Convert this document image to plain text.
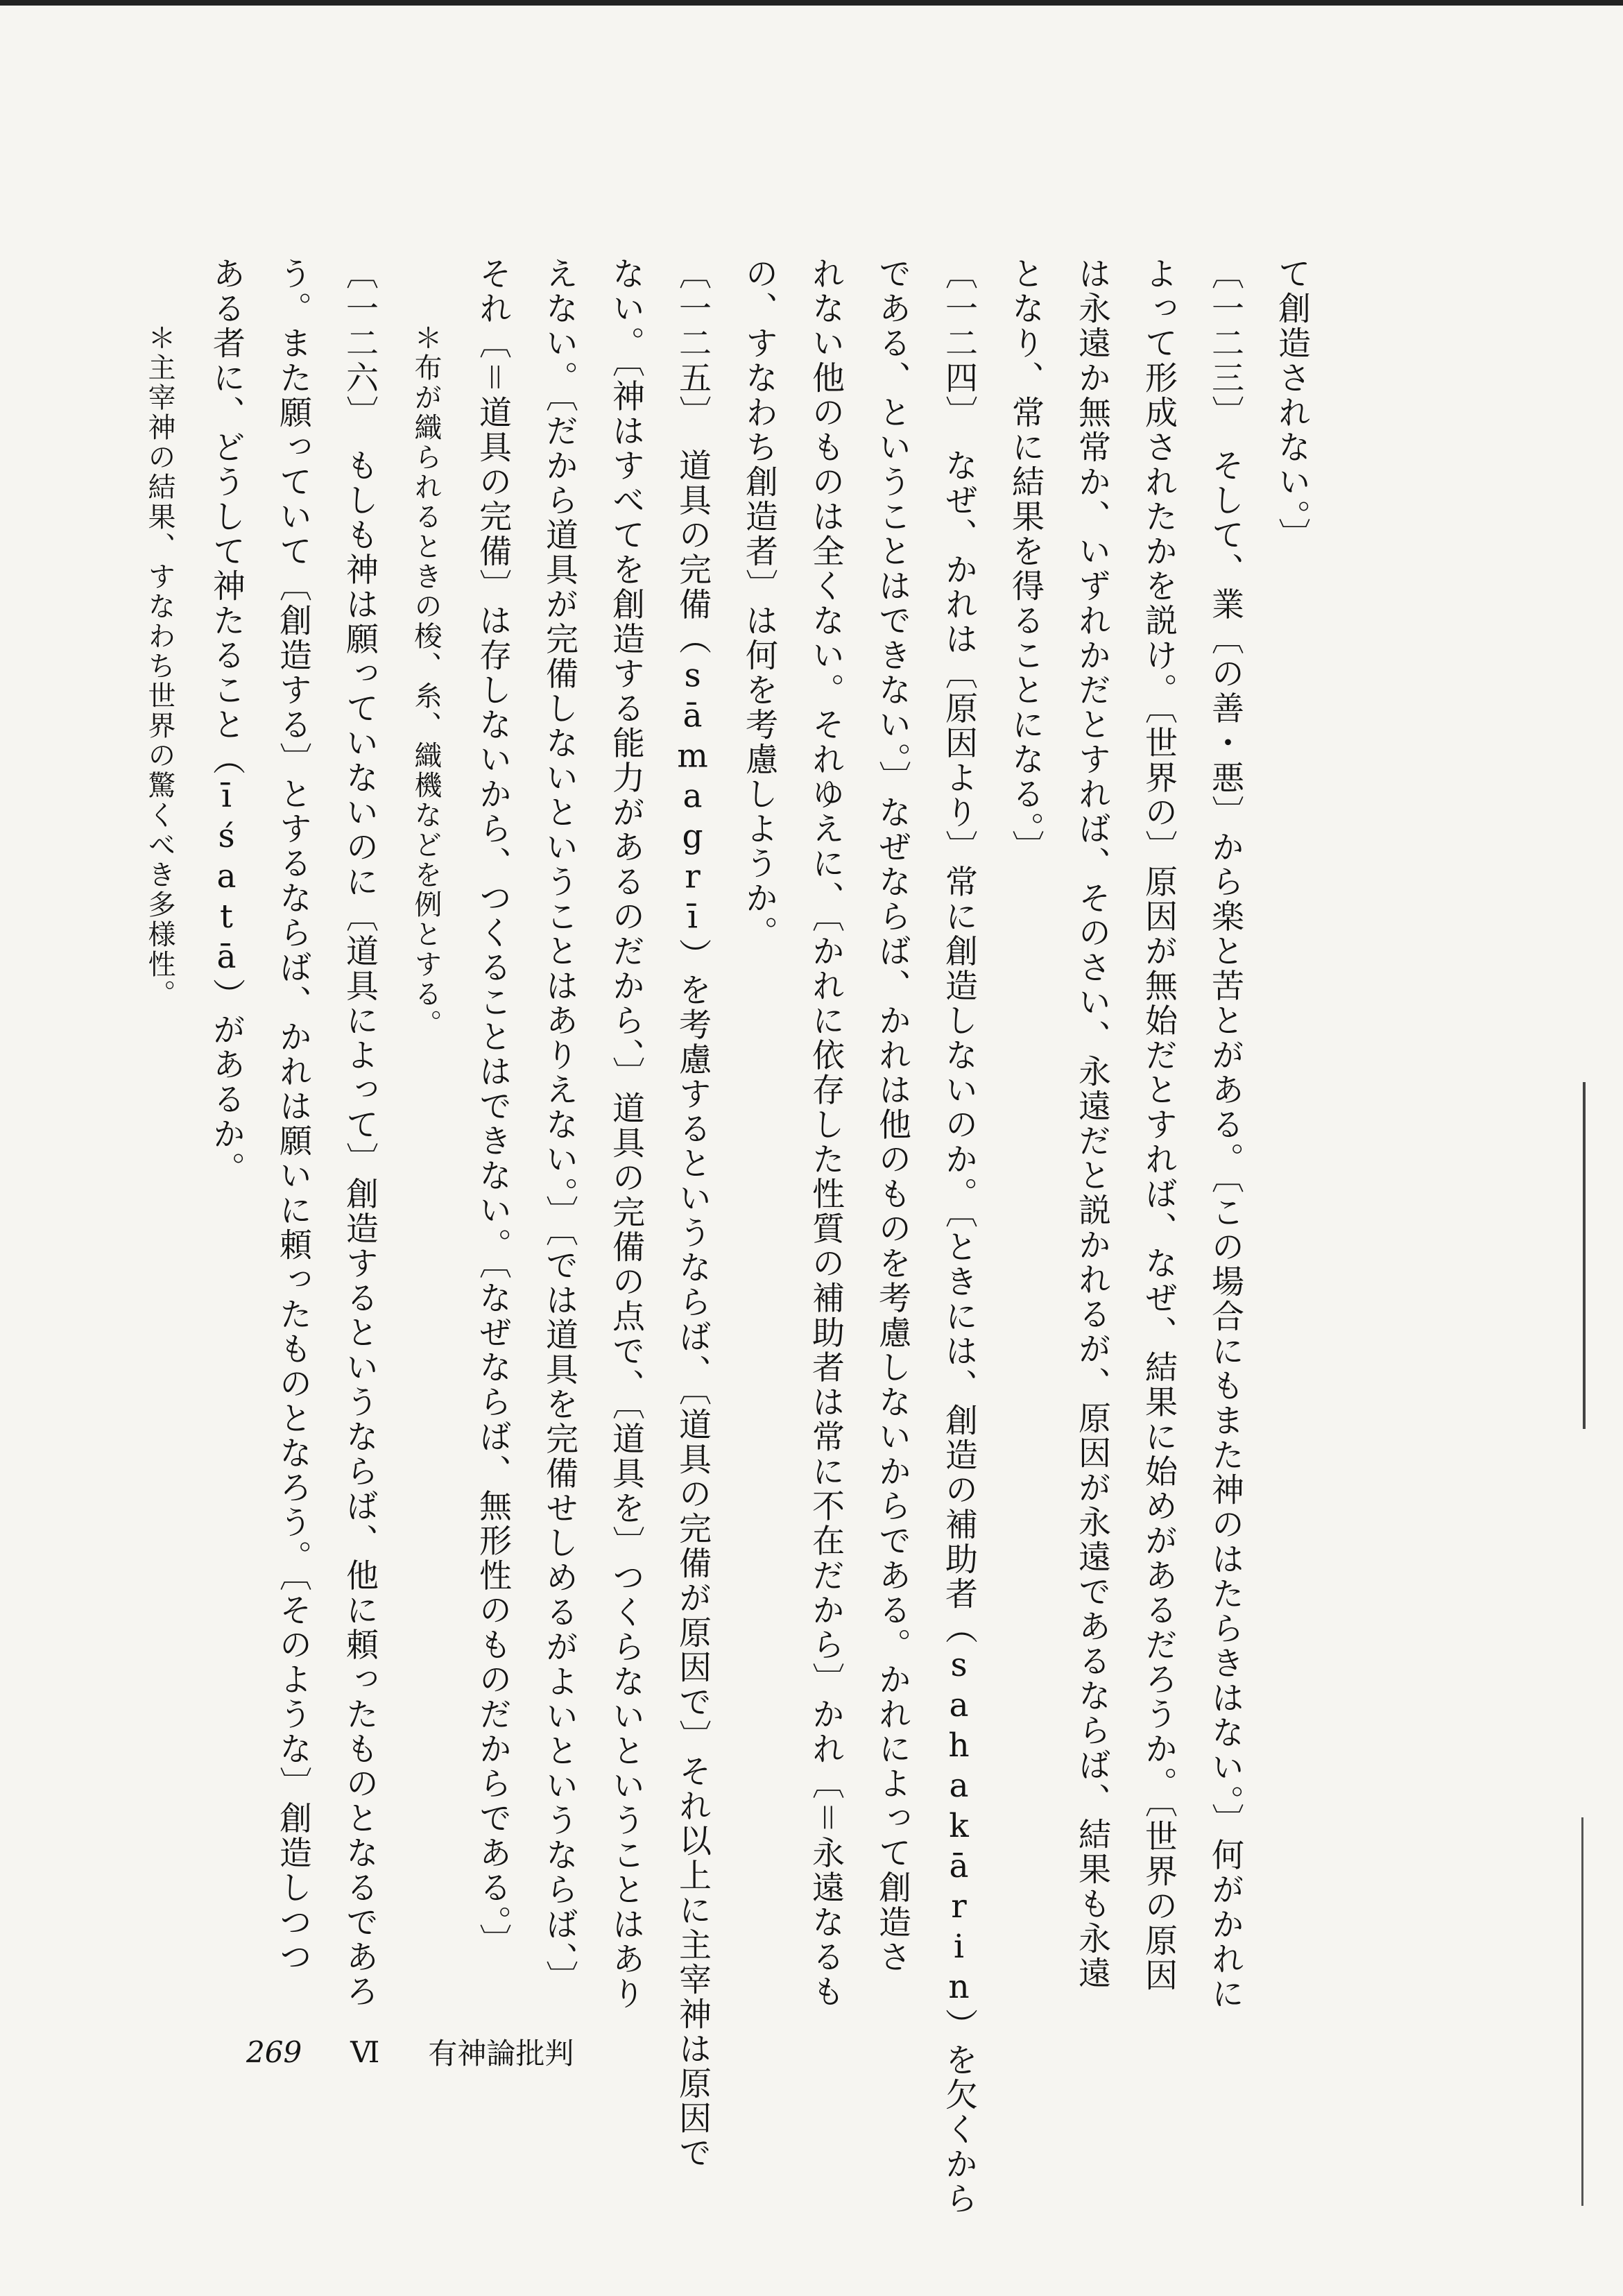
て創造されない。〕

〔一二三〕　そして、業〔の善・悪〕から楽と苦とがある。〔この場合にもまた神のはたらきはない。〕何がかれに

よって形成されたかを説け。〔世界の〕原因が無始だとすれば、なぜ、結果に始めがあるだろうか。〔世界の原因

は永遠か無常か、いずれかだとすれば、そのさい、永遠だと説かれるが、原因が永遠であるならば、結果も永遠

となり、常に結果を得ることになる。〕

〔一二四〕　なぜ、かれは〔原因より〕常に創造しないのか。〔ときには、創造の補助者（sahakārin）を欠くから

である、ということはできない。〕なぜならば、かれは他のものを考慮しないからである。かれによって創造さ

れない他のものは全くない。それゆえに、〔かれに依存した性質の補助者は常に不在だから〕かれ〔＝永遠なるも

の、すなわち創造者〕は何を考慮しようか。

〔一二五〕　道具の完備（sāmagrī）を考慮するというならば、〔道具の完備が原因で〕それ以上に主宰神は原因で

ない。〔神はすべてを創造する能力があるのだから、〕道具の完備の点で、〔道具を〕つくらないということはあり

えない。〔だから道具が完備しないということはありえない。〕〔では道具を完備せしめるがよいというならば、〕

それ〔＝道具の完備〕は存しないから、つくることはできない。〔なぜならば、無形性のものだからである。〕

＊布が織られるときの梭、糸、織機などを例とする。

〔一二六〕　もしも神は願っていないのに〔道具によって〕創造するというならば、他に頼ったものとなるであろ

う。また願っていて〔創造する〕とするならば、かれは願いに頼ったものとなろう。〔そのような〕創造しつつ

ある者に、どうして神たること（īśatā）があるか。

＊主宰神の結果、すなわち世界の驚くべき多様性。

269 Ⅵ 有神論批判
